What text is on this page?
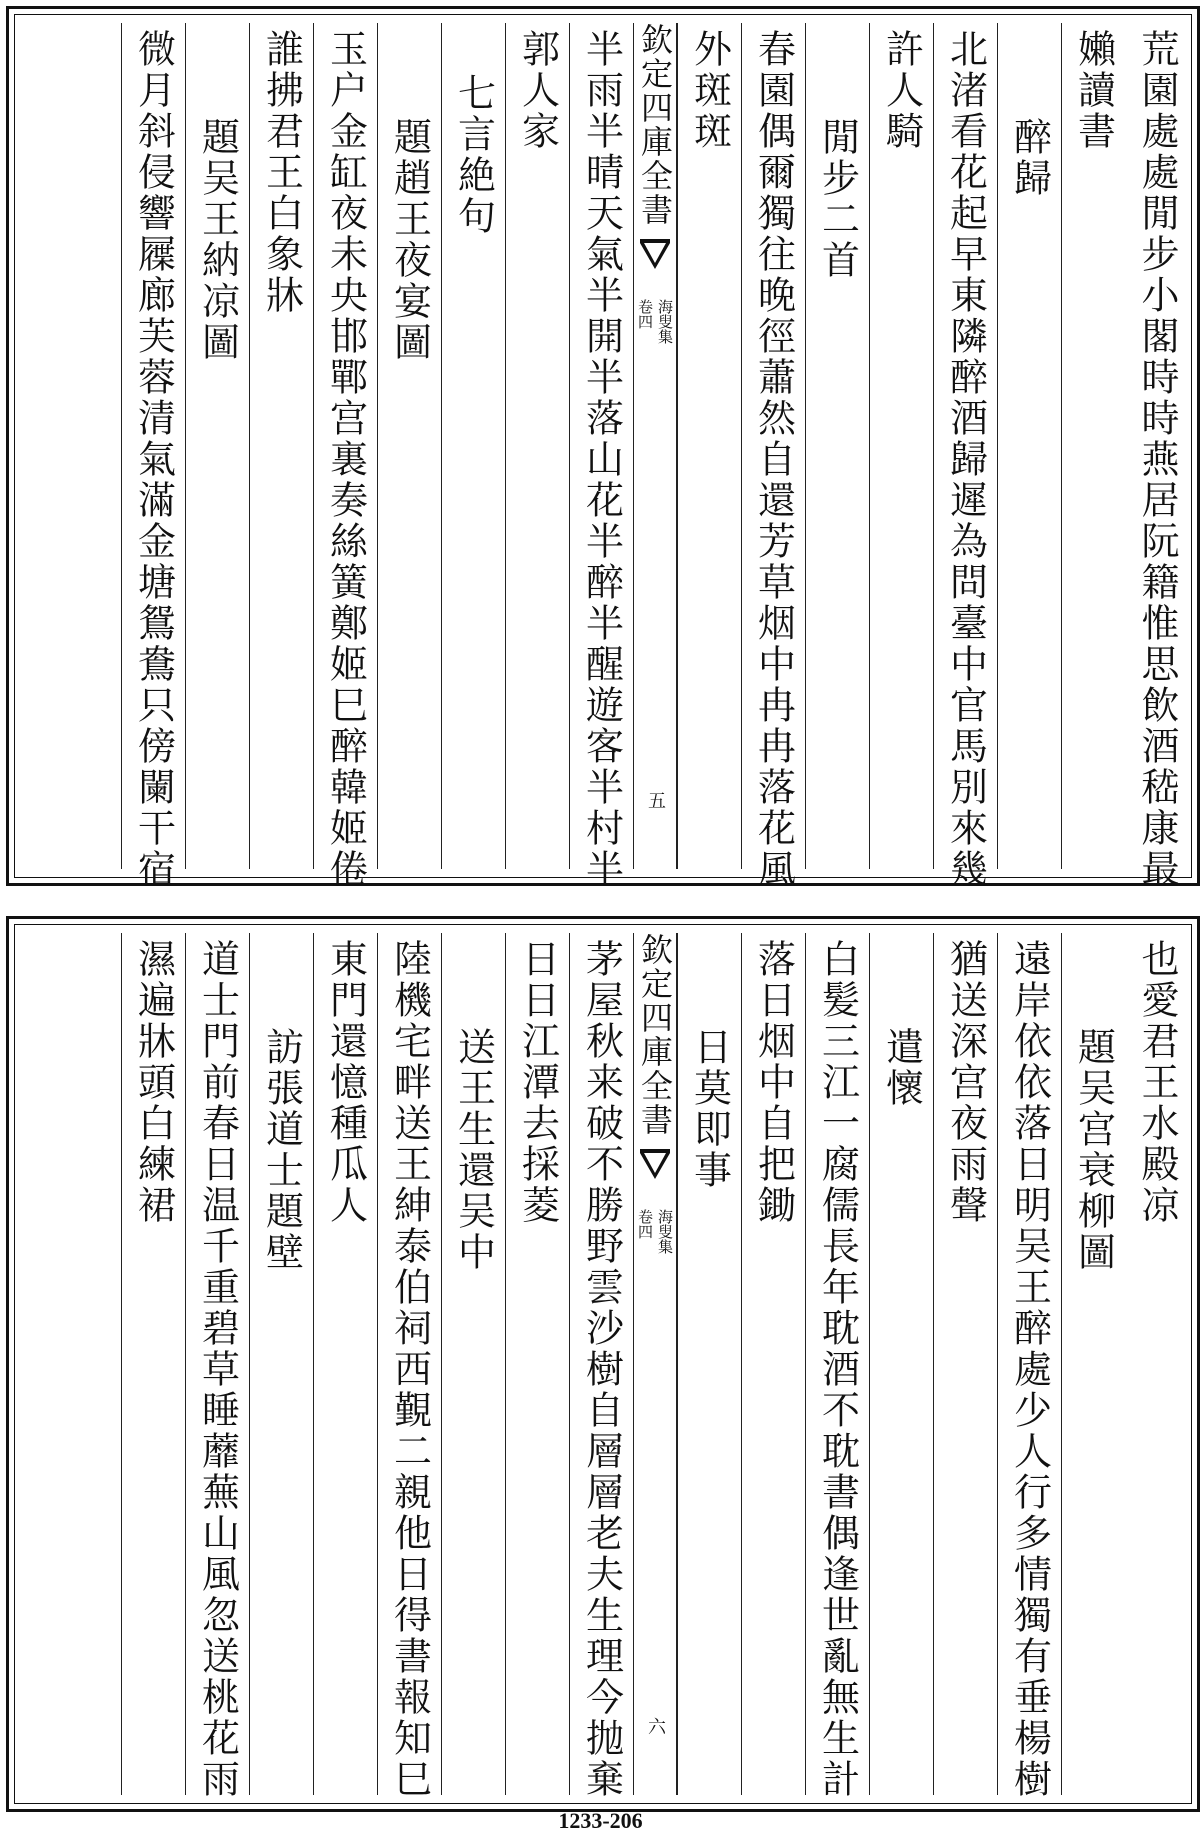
荒園處處閒步小閣時時燕居阮籍惟思飲酒嵇康最
嬾讀書
醉歸
北渚看花起早東隣醉酒歸遲為問臺中官馬別來幾
許人騎
閒步二首
春園偶爾獨往晚徑蕭然自還芳草烟中冉冉落花風
外斑斑
欽定四庫全書
海叟集
卷四
五
半雨半晴天氣半開半落山花半醉半醒遊客半村半
郭人家
七言絶句
題趙王夜宴圖
玉户金缸夜未央邯鄲宫裏奏絲簧鄭姬巳醉韓姬倦
誰拂君王白象牀
題吴王納凉圖
微月斜侵響屧廊芙蓉清氣滿金塘鴛鴦只傍闌干宿
也愛君王水殿凉
題吴宫衰柳圖
遠岸依依落日明吴王醉處少人行多情獨有垂楊樹
猶送深宫夜雨聲
遣懷
白髪三江一腐儒長年耽酒不耽書偶逢世亂無生計
落日烟中自把鋤
日莫即事
欽定四庫全書
海叟集
卷四
六
茅屋秋来破不勝野雲沙樹自層層老夫生理今抛棄
日日江潭去採菱
送王生還吴中
陸機宅畔送王紳泰伯祠西覲二親他日得書報知巳
東門還憶種瓜人
訪張道士題壁
道士門前春日温千重碧草睡蘼蕪山風忽送桃花雨
濕遍牀頭白練裙
1233-206
